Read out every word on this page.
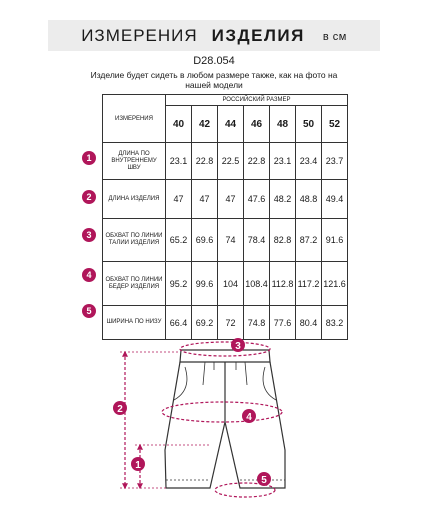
ИЗМЕРЕНИЯ ИЗДЕЛИЯ в см
D28.054
Изделие будет сидеть в любом размере также, как на фото на нашей модели
ИЗМЕРЕНИЯ	РОССИЙСКИЙ РАЗМЕР						
	40	42	44	46	48	50	52
ДЛИНА ПО ВНУТРЕННЕМУ ШВУ	23.1	22.8	22.5	22.8	23.1	23.4	23.7
ДЛИНА ИЗДЕЛИЯ	47	47	47	47.6	48.2	48.8	49.4
ОБХВАТ ПО ЛИНИИ ТАЛИИ ИЗДЕЛИЯ	65.2	69.6	74	78.4	82.8	87.2	91.6
ОБХВАТ ПО ЛИНИИ БЕДЕР ИЗДЕЛИЯ	95.2	99.6	104	108.4	112.8	117.2	121.6
ШИРИНА ПО НИЗУ	66.4	69.2	72	74.8	77.6	80.4	83.2
1
2
3
4
5
3
4
2
1
5
